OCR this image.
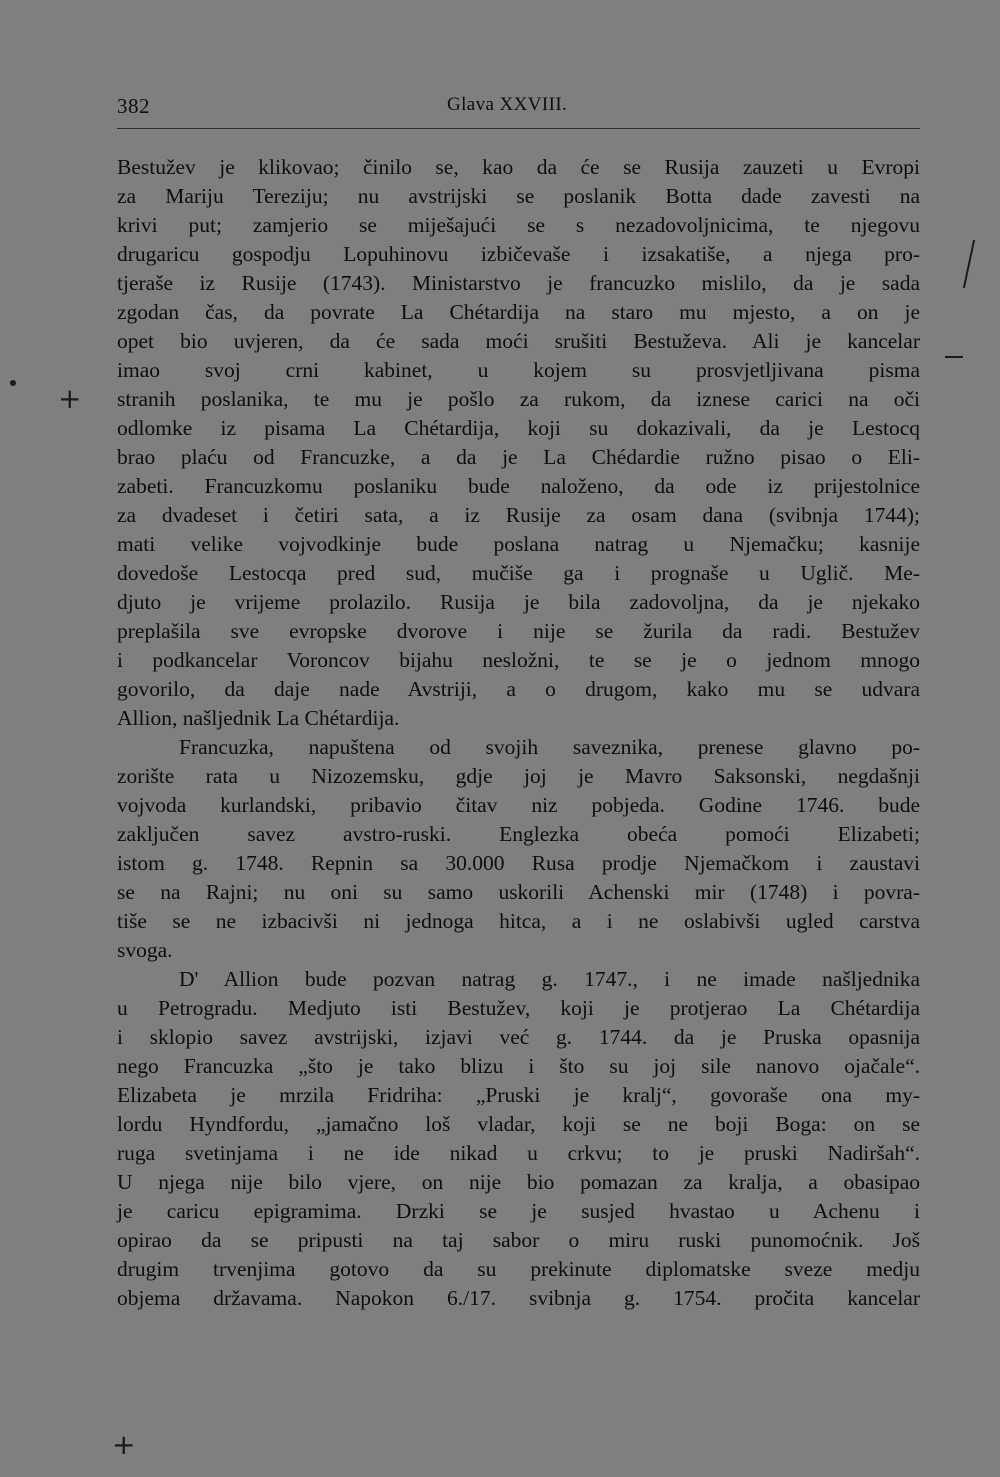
382	Glava XXVIII.
Bestužev je klikovao; činilo se, kao da će se Rusija zauzeti u Evropi
za Mariju Tereziju; nu avstrijski se poslanik Botta dade zavesti na
krivi put; zamjerio se miješajući se s nezadovoljnicima, te njegovu
drugaricu gospodju Lopuhinovu izbičevaše i izsakatiše, a njega pro-
tjeraše iz Rusije (1743). Ministarstvo je francuzko mislilo, da je sada
zgodan čas, da povrate La Chétardija na staro mu mjesto, a on je
opet bio uvjeren, da će sada moći srušiti Bestuževa. Ali je kancelar
imao svoj crni kabinet, u kojem su prosvjetljivana pisma
stranih poslanika, te mu je pošlo za rukom, da iznese carici na oči
odlomke iz pisama La Chétardija, koji su dokazivali, da je Lestocq
brao plaću od Francuzke, a da je La Chédardie ružno pisao o Eli-
zabeti. Francuzkomu poslaniku bude naloženo, da ode iz prijestolnice
za dvadeset i četiri sata, a iz Rusije za osam dana (svibnja 1744);
mati velike vojvodkinje bude poslana natrag u Njemačku; kasnije
dovedoše Lestocqa pred sud, mučiše ga i prognaše u Uglič. Me-
djuto je vrijeme prolazilo. Rusija je bila zadovoljna, da je njekako
preplašila sve evropske dvorove i nije se žurila da radi. Bestužev
i podkancelar Voroncov bijahu nesložni, te se je o jednom mnogo
govorilo, da daje nade Avstriji, a o drugom, kako mu se udvara
Allion, našljednik La Chétardija.
Francuzka, napuštena od svojih saveznika, prenese glavno po-
zorište rata u Nizozemsku, gdje joj je Mavro Saksonski, negdašnji
vojvoda kurlandski, pribavio čitav niz pobjeda. Godine 1746. bude
zaključen savez avstro-ruski. Englezka obeća pomoći Elizabeti;
istom g. 1748. Repnin sa 30.000 Rusa prodje Njemačkom i zaustavi
se na Rajni; nu oni su samo uskorili Achenski mir (1748) i povra-
tiše se ne izbacivši ni jednoga hitca, a i ne oslabivši ugled carstva
svoga.
D' Allion bude pozvan natrag g. 1747., i ne imade našljednika
u Petrogradu. Medjuto isti Bestužev, koji je protjerao La Chétardija
i sklopio savez avstrijski, izjavi već g. 1744. da je Pruska opasnija
nego Francuzka „što je tako blizu i što su joj sile nanovo ojačale“.
Elizabeta je mrzila Fridriha: „Pruski je kralj“, govoraše ona my-
lordu Hyndfordu, „jamačno loš vladar, koji se ne boji Boga: on se
ruga svetinjama i ne ide nikad u crkvu; to je pruski Nadiršah“.
U njega nije bilo vjere, on nije bio pomazan za kralja, a obasipao
je caricu epigramima. Drzki se je susjed hvastao u Achenu i
opirao da se pripusti na taj sabor o miru ruski punomoćnik. Još
drugim trvenjima gotovo da su prekinute diplomatske sveze medju
objema državama. Napokon 6./17. svibnja g. 1754. pročita kancelar
+
+
